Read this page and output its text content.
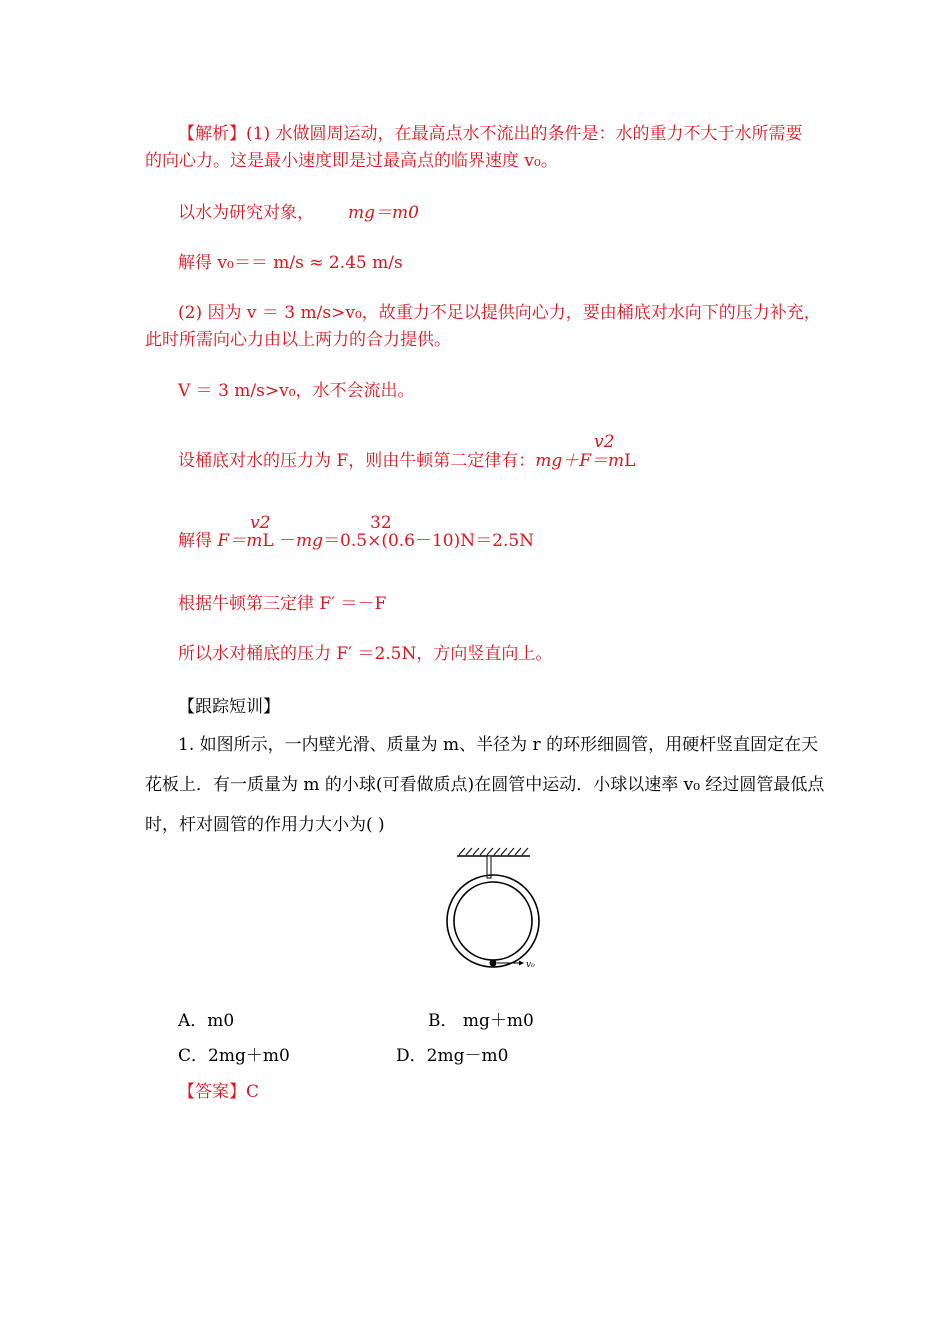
【解析】(1) 水做圆周运动，在最高点水不流出的条件是：水的重力不大于水所需要
的向心力。这是最小速度即是过最高点的临界速度 v₀。
以水为研究对象， mg＝m0
解得 v₀＝＝ m/s ≈ 2.45 m/s
(2) 因为 v ＝ 3 m/s>v₀，故重力不足以提供向心力，要由桶底对水向下的压力补充，
此时所需向心力由以上两力的合力提供。
V ＝ 3 m/s>v₀，水不会流出。
v2
设桶底对水的压力为 F，则由牛顿第二定律有：mg＋F＝mL
v2	32
解得 F＝mL －mg＝0.5×(0.6－10)N＝2.5N
根据牛顿第三定律 F′ ＝－F
所以水对桶底的压力 F′ ＝2.5N，方向竖直向上。
【跟踪短训】
1. 如图所示，一内壁光滑、质量为 m、半径为 r 的环形细圆管，用硬杆竖直固定在天
花板上．有一质量为 m 的小球(可看做质点)在圆管中运动．小球以速率 v₀ 经过圆管最低点
时，杆对圆管的作用力大小为( )
v₀
A．m0	B． mg＋m0
C．2mg＋m0	D．2mg－m0
【答案】C
